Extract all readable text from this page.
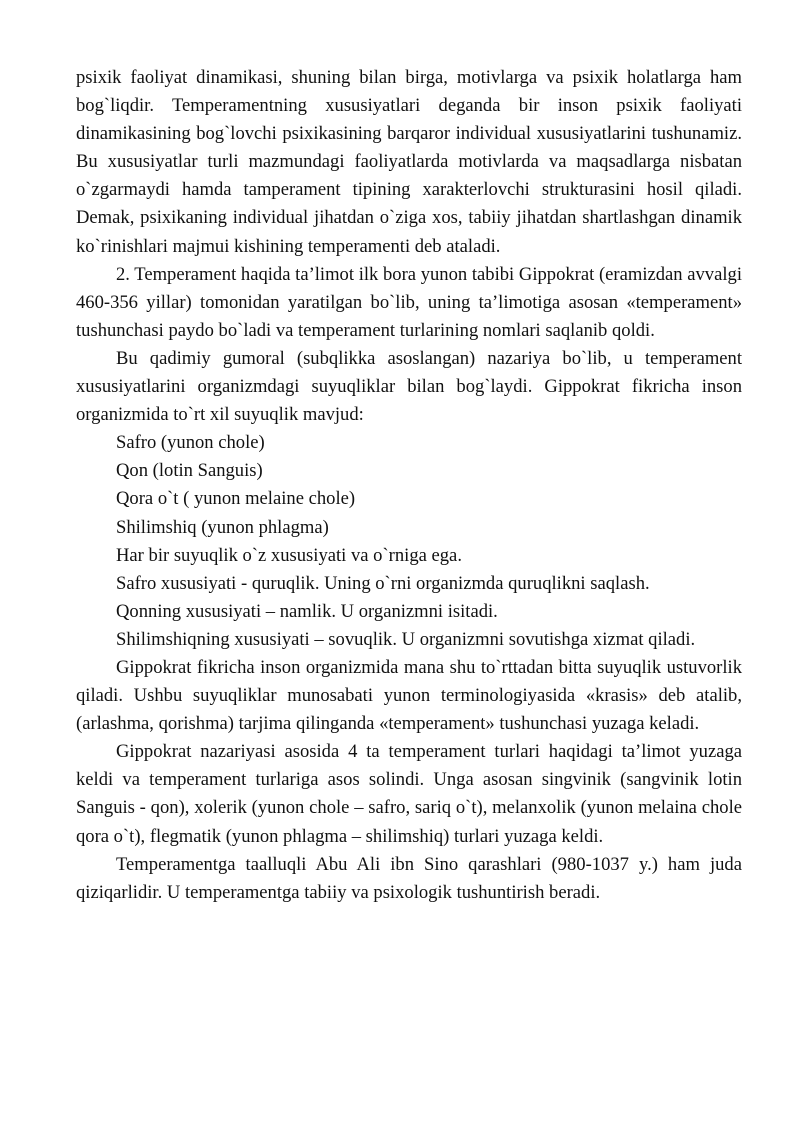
psixik faoliyat dinamikasi, shuning bilan birga, motivlarga va psixik holatlarga ham bog`liqdir. Temperamentning xususiyatlari deganda bir inson psixik faoliyati dinamikasining bog`lovchi psixikasining barqaror individual xususiyatlarini tushunamiz. Bu xususiyatlar turli mazmundagi faoliyatlarda motivlarda va maqsadlarga nisbatan o`zgarmaydi hamda tamperament tipining xarakterlovchi strukturasini hosil qiladi. Demak, psixikaning individual jihatdan o`ziga xos, tabiiy jihatdan shartlashgan dinamik ko`rinishlari majmui kishining temperamenti deb ataladi.

2. Temperament haqida ta’limot ilk bora yunon tabibi Gippokrat (eramizdan avvalgi 460-356 yillar) tomonidan yaratilgan bo`lib, uning ta’limotiga asosan «temperament» tushunchasi paydo bo`ladi va temperament turlarining nomlari saqlanib qoldi.

Bu qadimiy gumoral (subqlikka asoslangan) nazariya bo`lib, u temperament xususiyatlarini organizmdagi suyuqliklar bilan bog`laydi. Gippokrat fikricha inson organizmida to`rt xil suyuqlik mavjud:

Safro (yunon chole)

Qon (lotin Sanguis)

Qora o`t ( yunon melaine chole)

Shilimshiq (yunon phlagma)

Har bir suyuqlik o`z xususiyati va o`rniga ega.

Safro xususiyati - quruqlik. Uning o`rni organizmda quruqlikni saqlash.

Qonning xususiyati – namlik. U organizmni isitadi.

Shilimshiqning xususiyati – sovuqlik. U organizmni sovutishga xizmat qiladi.

Gippokrat fikricha inson organizmida mana shu to`rttadan bitta suyuqlik ustuvorlik qiladi. Ushbu suyuqliklar munosabati yunon terminologiyasida «krasis» deb atalib, (arlashma, qorishma) tarjima qilinganda «temperament» tushunchasi yuzaga keladi.

Gippokrat nazariyasi asosida 4 ta temperament turlari haqidagi ta’limot yuzaga keldi va temperament turlariga asos solindi. Unga asosan singvinik (sangvinik lotin Sanguis - qon), xolerik (yunon chole – safro, sariq o`t), melanxolik (yunon melaina chole qora o`t), flegmatik (yunon phlagma – shilimshiq) turlari yuzaga keldi.

Temperamentga taalluqli Abu Ali ibn Sino qarashlari (980-1037 y.) ham juda qiziqarlidir. U temperamentga tabiiy va psixologik tushuntirish beradi.
